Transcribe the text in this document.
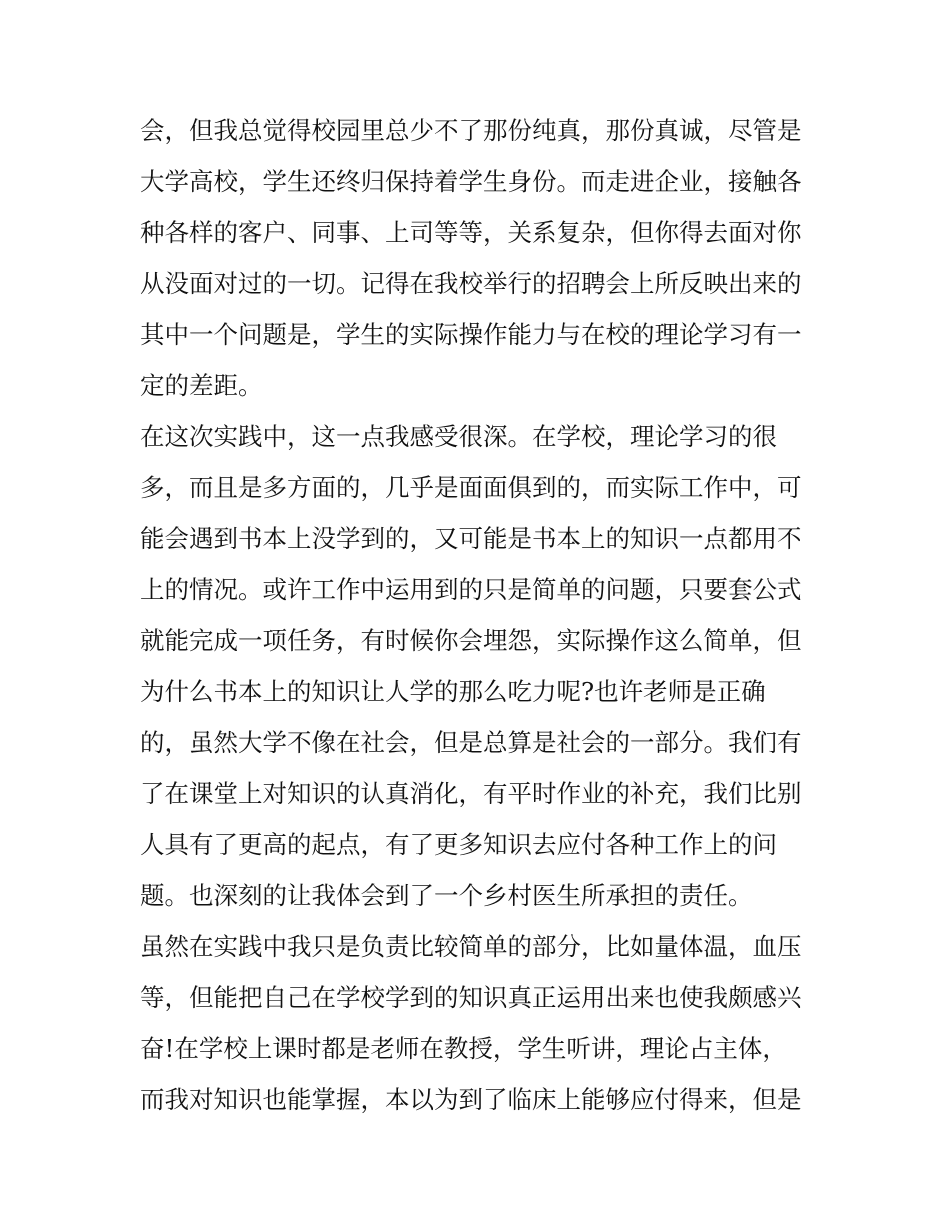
会，但我总觉得校园里总少不了那份纯真，那份真诚，尽管是
大学高校，学生还终归保持着学生身份。而走进企业，接触各
种各样的客户、同事、上司等等，关系复杂，但你得去面对你
从没面对过的一切。记得在我校举行的招聘会上所反映出来的
其中一个问题是，学生的实际操作能力与在校的理论学习有一
定的差距。
在这次实践中，这一点我感受很深。在学校，理论学习的很
多，而且是多方面的，几乎是面面俱到的，而实际工作中，可
能会遇到书本上没学到的，又可能是书本上的知识一点都用不
上的情况。或许工作中运用到的只是简单的问题，只要套公式
就能完成一项任务，有时候你会埋怨，实际操作这么简单，但
为什么书本上的知识让人学的那么吃力呢?也许老师是正确
的，虽然大学不像在社会，但是总算是社会的一部分。我们有
了在课堂上对知识的认真消化，有平时作业的补充，我们比别
人具有了更高的起点，有了更多知识去应付各种工作上的问
题。也深刻的让我体会到了一个乡村医生所承担的责任。
虽然在实践中我只是负责比较简单的部分，比如量体温，血压
等，但能把自己在学校学到的知识真正运用出来也使我颇感兴
奋!在学校上课时都是老师在教授，学生听讲，理论占主体，
而我对知识也能掌握，本以为到了临床上能够应付得来，但是
